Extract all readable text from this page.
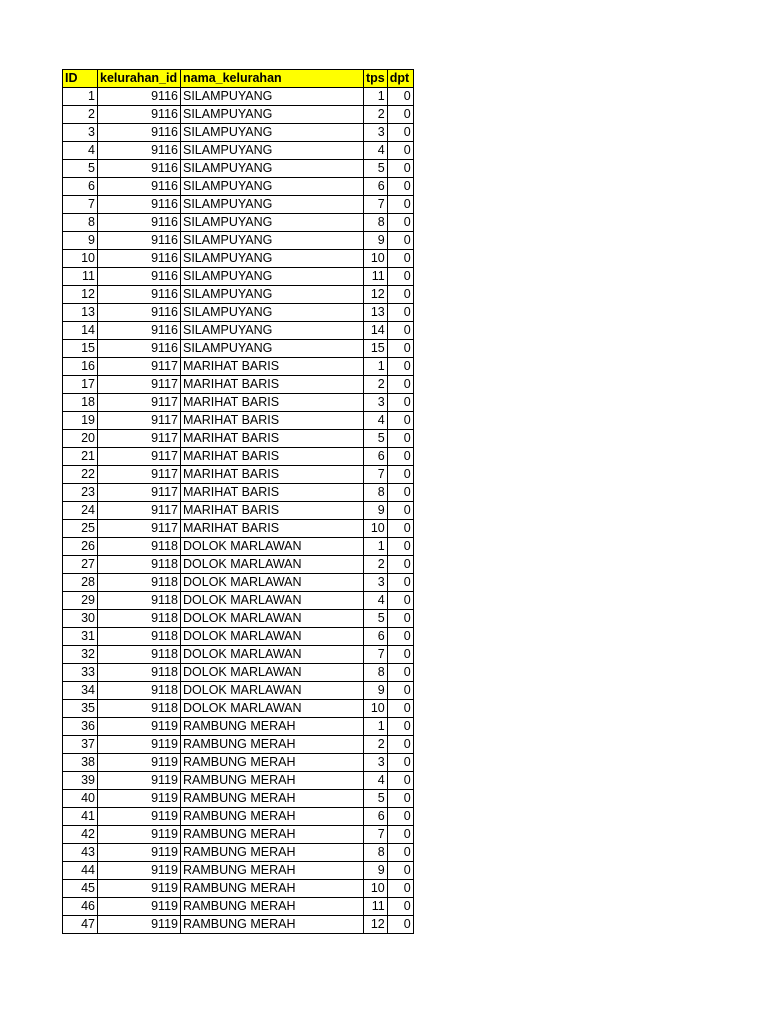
ID	kelurahan_id	nama_kelurahan	tps	dpt
1	9116	SILAMPUYANG	1	0
2	9116	SILAMPUYANG	2	0
3	9116	SILAMPUYANG	3	0
4	9116	SILAMPUYANG	4	0
5	9116	SILAMPUYANG	5	0
6	9116	SILAMPUYANG	6	0
7	9116	SILAMPUYANG	7	0
8	9116	SILAMPUYANG	8	0
9	9116	SILAMPUYANG	9	0
10	9116	SILAMPUYANG	10	0
11	9116	SILAMPUYANG	11	0
12	9116	SILAMPUYANG	12	0
13	9116	SILAMPUYANG	13	0
14	9116	SILAMPUYANG	14	0
15	9116	SILAMPUYANG	15	0
16	9117	MARIHAT BARIS	1	0
17	9117	MARIHAT BARIS	2	0
18	9117	MARIHAT BARIS	3	0
19	9117	MARIHAT BARIS	4	0
20	9117	MARIHAT BARIS	5	0
21	9117	MARIHAT BARIS	6	0
22	9117	MARIHAT BARIS	7	0
23	9117	MARIHAT BARIS	8	0
24	9117	MARIHAT BARIS	9	0
25	9117	MARIHAT BARIS	10	0
26	9118	DOLOK MARLAWAN	1	0
27	9118	DOLOK MARLAWAN	2	0
28	9118	DOLOK MARLAWAN	3	0
29	9118	DOLOK MARLAWAN	4	0
30	9118	DOLOK MARLAWAN	5	0
31	9118	DOLOK MARLAWAN	6	0
32	9118	DOLOK MARLAWAN	7	0
33	9118	DOLOK MARLAWAN	8	0
34	9118	DOLOK MARLAWAN	9	0
35	9118	DOLOK MARLAWAN	10	0
36	9119	RAMBUNG MERAH	1	0
37	9119	RAMBUNG MERAH	2	0
38	9119	RAMBUNG MERAH	3	0
39	9119	RAMBUNG MERAH	4	0
40	9119	RAMBUNG MERAH	5	0
41	9119	RAMBUNG MERAH	6	0
42	9119	RAMBUNG MERAH	7	0
43	9119	RAMBUNG MERAH	8	0
44	9119	RAMBUNG MERAH	9	0
45	9119	RAMBUNG MERAH	10	0
46	9119	RAMBUNG MERAH	11	0
47	9119	RAMBUNG MERAH	12	0
